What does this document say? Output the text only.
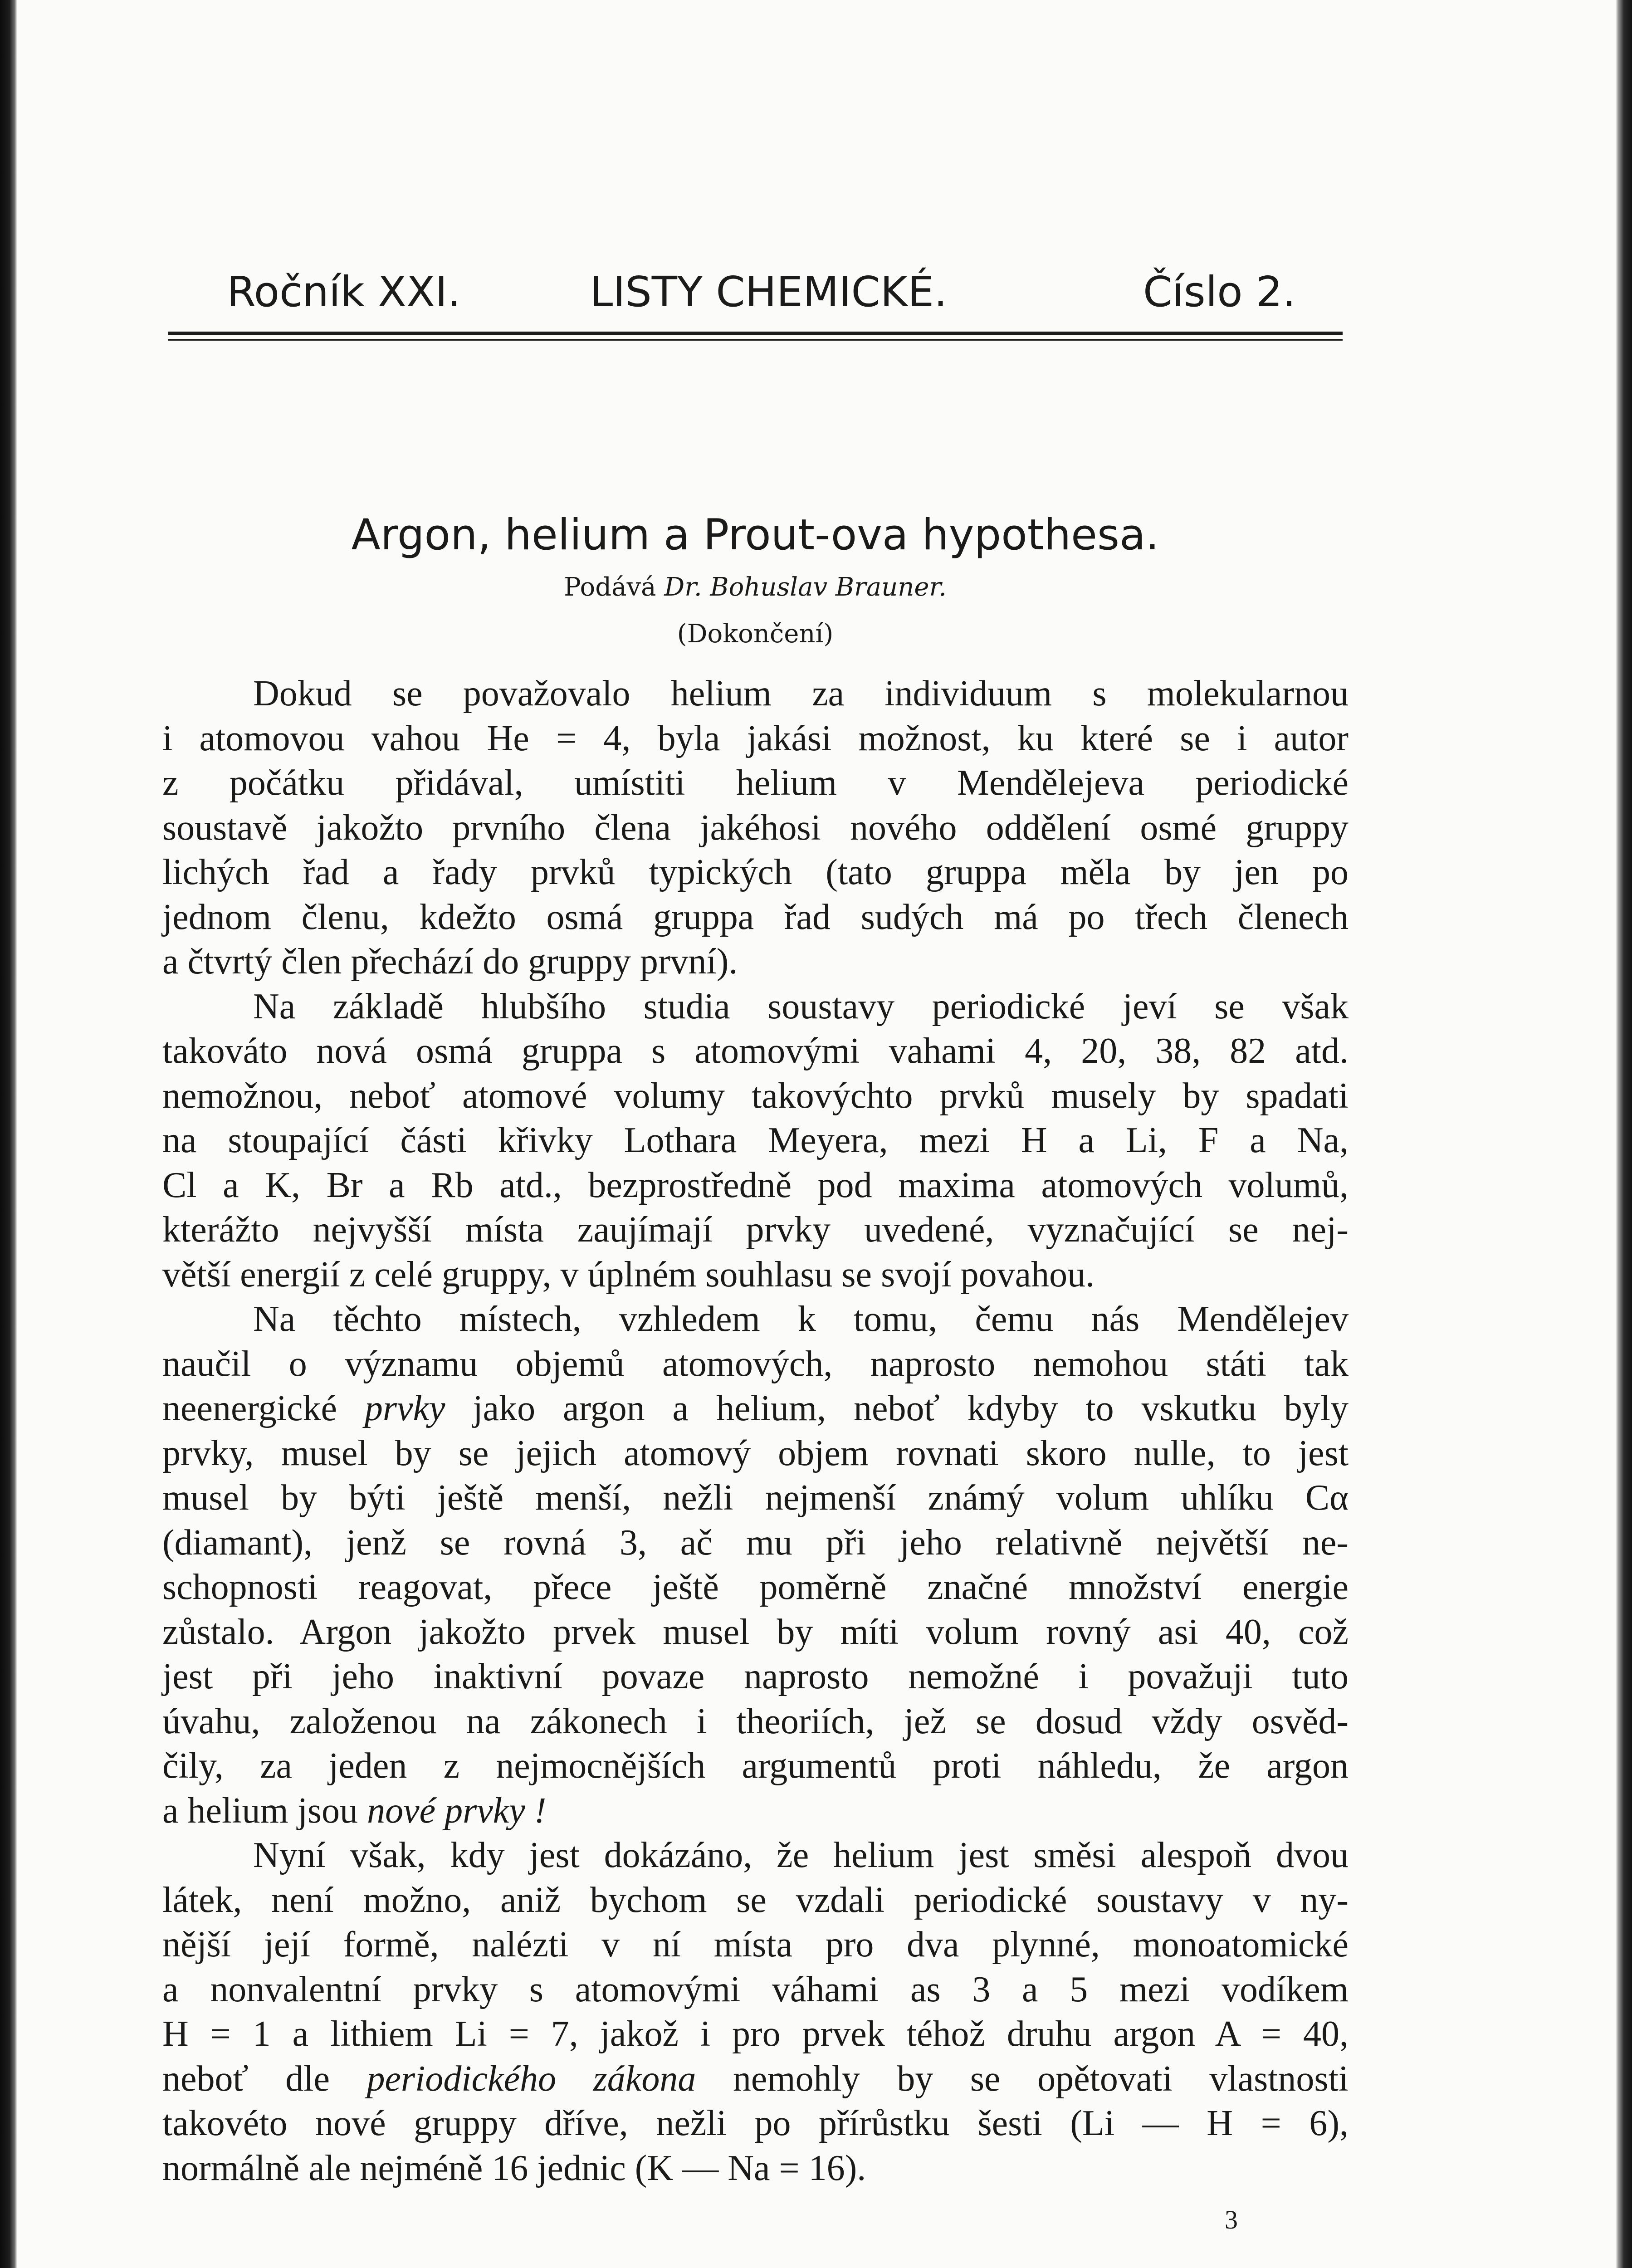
Ročník XXI.	LISTY CHEMICKÉ.	Číslo 2.
Argon, helium a Prout-ova hypothesa.
Podává Dr. Bohuslav Brauner.
(Dokončení)
Dokud se považovalo helium za individuum s molekularnou
i atomovou vahou He = 4, byla jakási možnost, ku které se i autor
z počátku přidával, umístiti helium v Mendělejeva periodické
soustavě jakožto prvního člena jakéhosi nového oddělení osmé gruppy
lichých řad a řady prvků typických (tato gruppa měla by jen po
jednom členu, kdežto osmá gruppa řad sudých má po třech členech
a čtvrtý člen přechází do gruppy první).
Na základě hlubšího studia soustavy periodické jeví se však
takováto nová osmá gruppa s atomovými vahami 4, 20, 38, 82 atd.
nemožnou, neboť atomové volumy takovýchto prvků musely by spadati
na stoupající části křivky Lothara Meyera, mezi H a Li, F a Na,
Cl a K, Br a Rb atd., bezprostředně pod maxima atomových volumů,
kterážto nejvyšší místa zaujímají prvky uvedené, vyznačující se nej-
větší energií z celé gruppy, v úplném souhlasu se svojí povahou.
Na těchto místech, vzhledem k tomu, čemu nás Mendělejev
naučil o významu objemů atomových, naprosto nemohou státi tak
neenergické prvky jako argon a helium, neboť kdyby to vskutku byly
prvky, musel by se jejich atomový objem rovnati skoro nulle, to jest
musel by býti ještě menší, nežli nejmenší známý volum uhlíku Cα
(diamant), jenž se rovná 3, ač mu při jeho relativně největší ne-
schopnosti reagovat, přece ještě poměrně značné množství energie
zůstalo. Argon jakožto prvek musel by míti volum rovný asi 40, což
jest při jeho inaktivní povaze naprosto nemožné i považuji tuto
úvahu, založenou na zákonech i theoriích, jež se dosud vždy osvěd-
čily, za jeden z nejmocnějších argumentů proti náhledu, že argon
a helium jsou nové prvky !
Nyní však, kdy jest dokázáno, že helium jest směsi alespoň dvou
látek, není možno, aniž bychom se vzdali periodické soustavy v ny-
nější její formě, nalézti v ní místa pro dva plynné, monoatomické
a nonvalentní prvky s atomovými váhami as 3 a 5 mezi vodíkem
H = 1 a lithiem Li = 7, jakož i pro prvek téhož druhu argon A = 40,
neboť dle periodického zákona nemohly by se opětovati vlastnosti
takovéto nové gruppy dříve, nežli po přírůstku šesti (Li — H = 6),
normálně ale nejméně 16 jednic (K — Na = 16).
3
